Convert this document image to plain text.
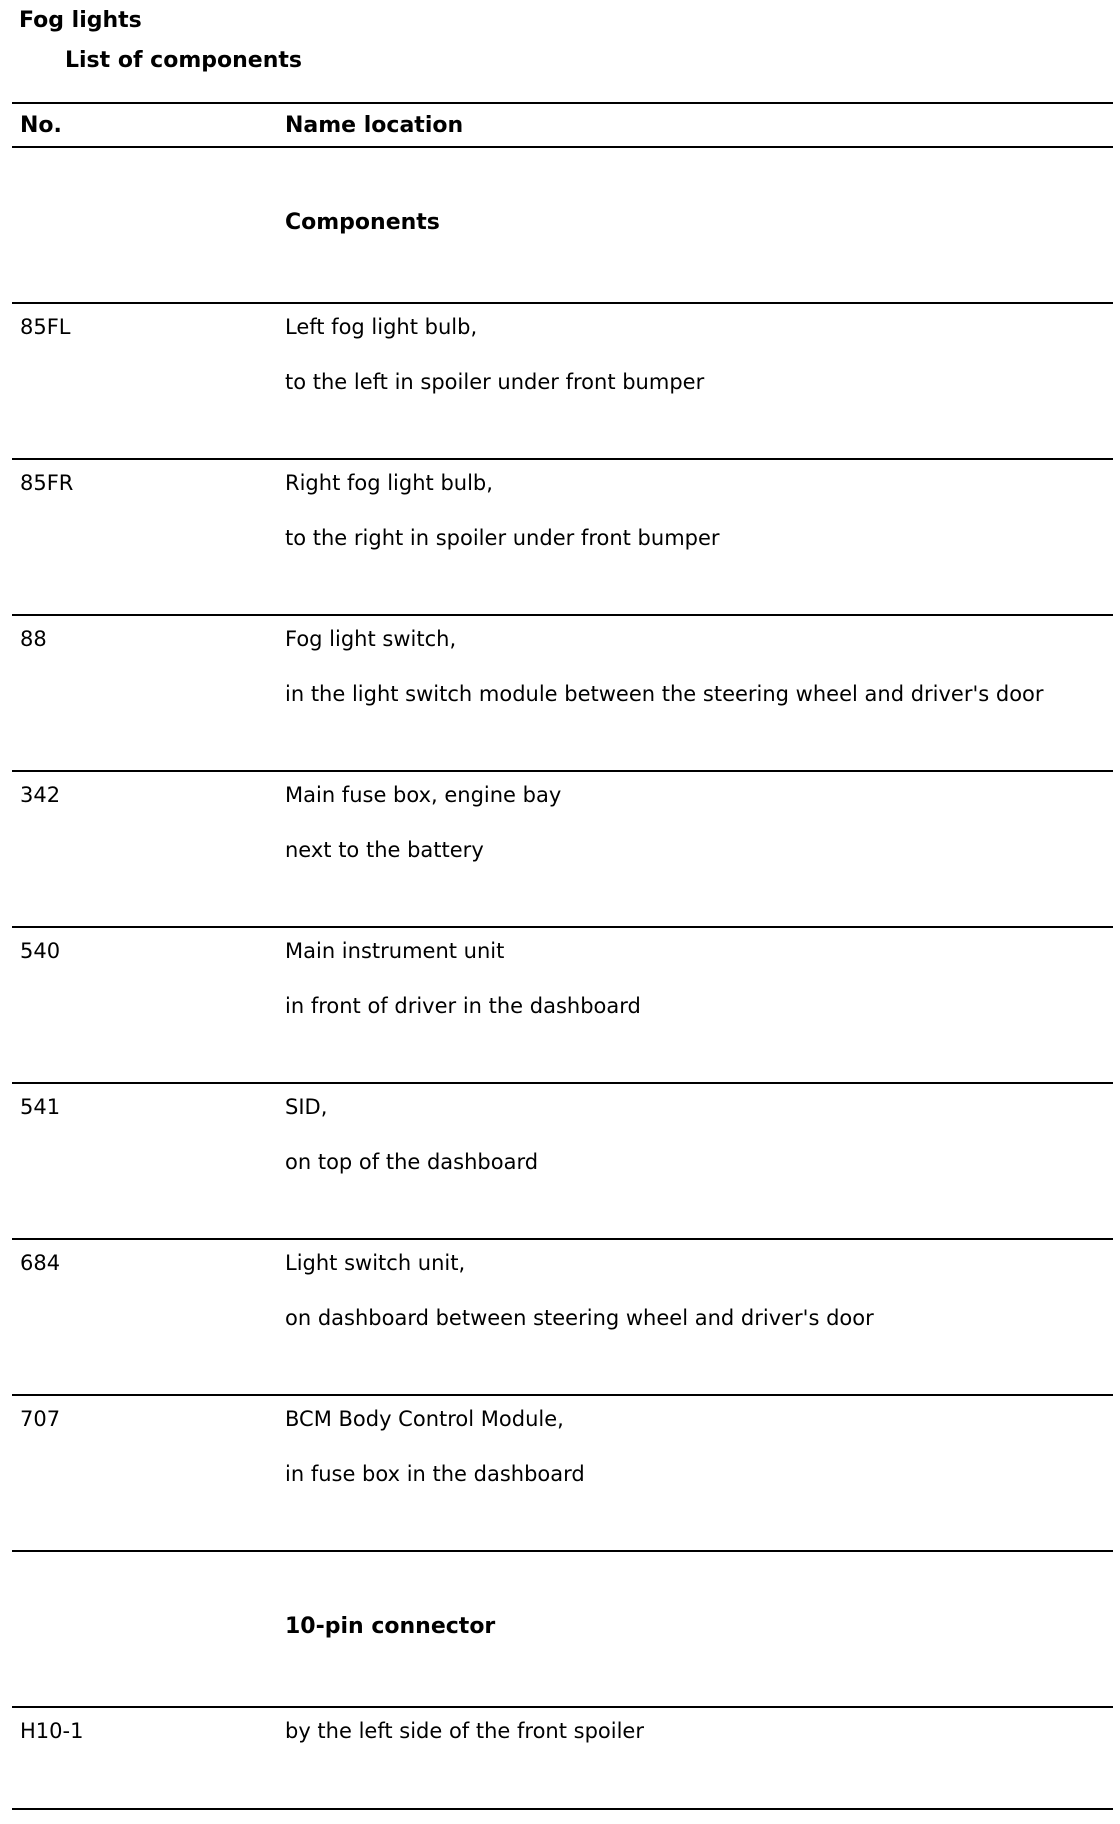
Fog lights
List of components
No.	Name location
Components
85FL	Left fog light bulb,
to the left in spoiler under front bumper
85FR	Right fog light bulb,
to the right in spoiler under front bumper
88	Fog light switch,
in the light switch module between the steering wheel and driver's door
342	Main fuse box, engine bay
next to the battery
540	Main instrument unit
in front of driver in the dashboard
541	SID,
on top of the dashboard
684	Light switch unit,
on dashboard between steering wheel and driver's door
707	BCM Body Control Module,
in fuse box in the dashboard
10-pin connector
H10-1	by the left side of the front spoiler
